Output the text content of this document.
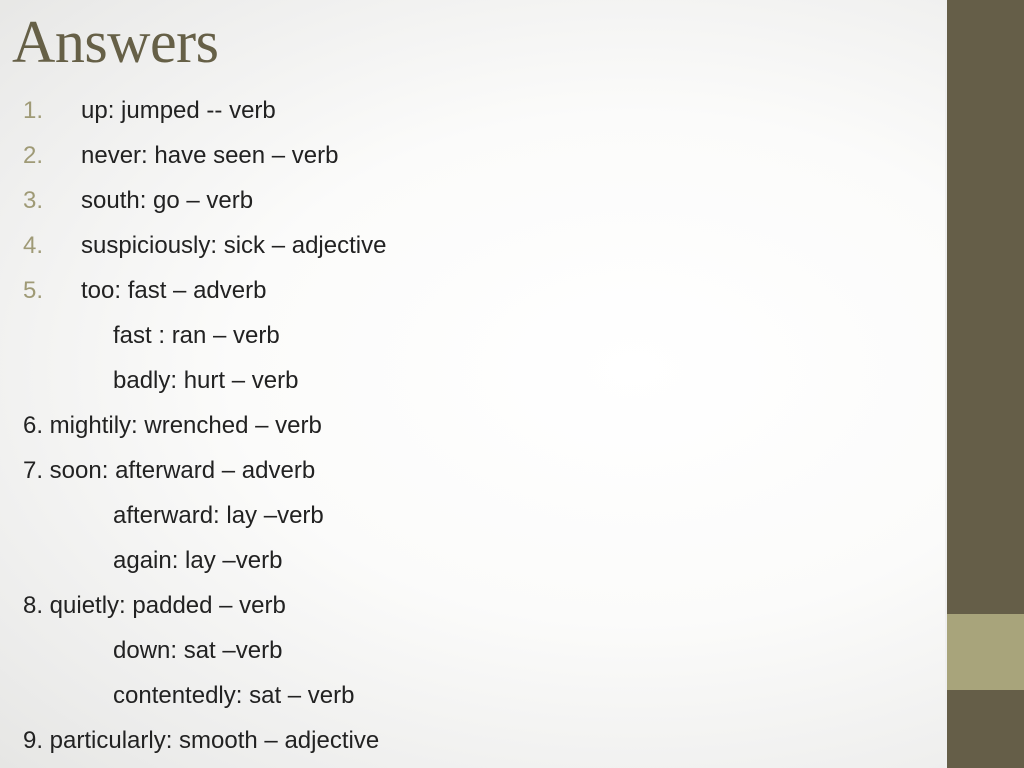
Answers
1. up: jumped -- verb
2. never: have seen – verb
3. south: go – verb
4. suspiciously: sick – adjective
5. too: fast – adverb
fast : ran – verb
badly: hurt – verb
6. mightily: wrenched – verb
7. soon: afterward – adverb
afterward: lay –verb
again: lay –verb
8. quietly: padded – verb
down: sat –verb
contentedly: sat – verb
9. particularly: smooth – adjective
